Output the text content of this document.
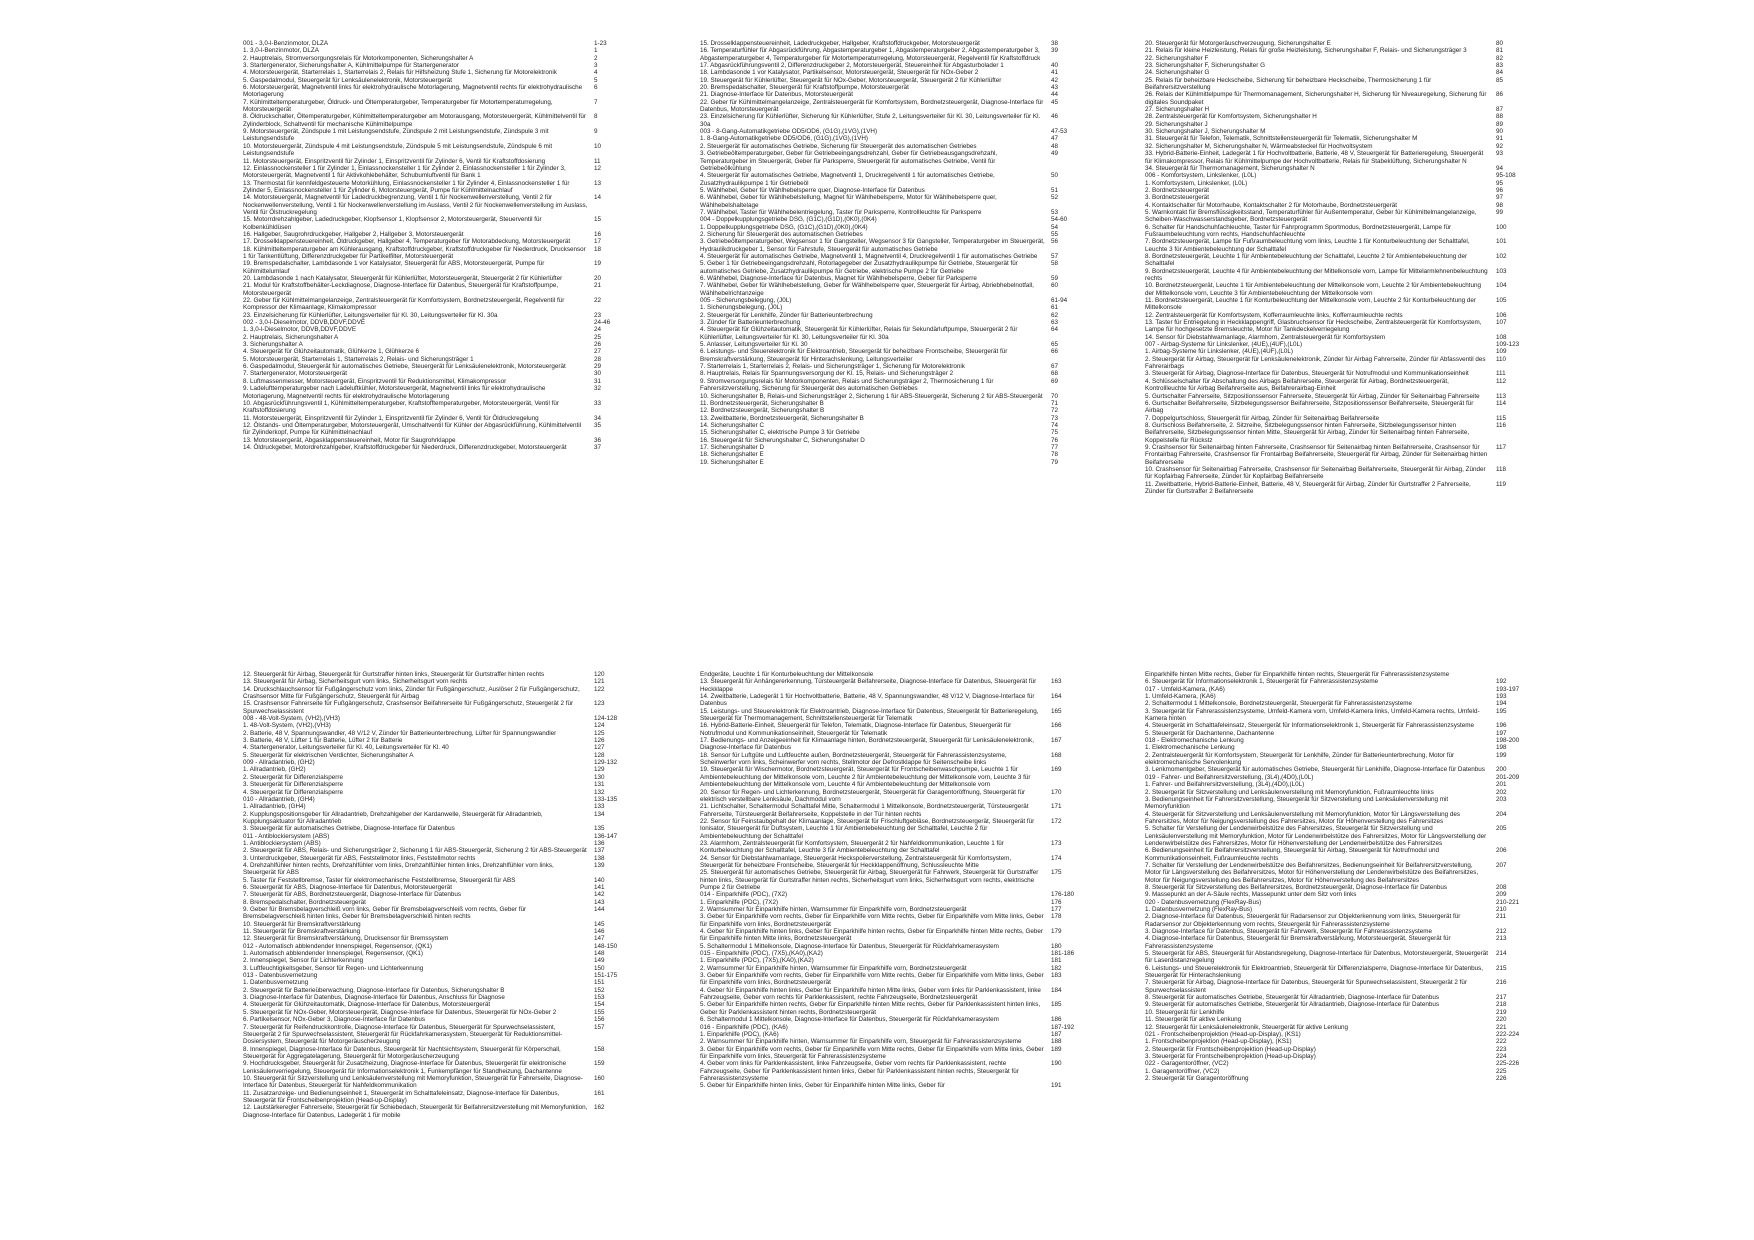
001 - 3,0-l-Benzinmotor, DLZA	1-23
1. 3,0-l-Benzinmotor, DLZA	1
2. Hauptrelais, Stromversorgungsrelais für Motorkomponenten, Sicherungshalter A	2
3. Startergenerator, Sicherungshalter A, Kühlmittelpumpe für Startergenerator	3
4. Motorsteuergerät, Starterrelais 1, Starterrelais 2, Relais für Hilfsheizung Stufe 1, Sicherung für Motorelektronik	4
5. Gaspedalmodul, Steuergerät für Lenksäulenelektronik, Motorsteuergerät	5
6. Motorsteuergerät, Magnetventil links für elektrohydraulische Motorlagerung, Magnetventil rechts für elektrohydraulische Motorlagerung
6
7. Kühlmitteltemperaturgeber, Öldruck- und Öltemperaturgeber, Temperaturgeber für Motortemperaturregelung, Motorsteuergerät
7
8. Öldruckschalter, Öltemperaturgeber, Kühlmitteltemperaturgeber am Motorausgang, Motorsteuergerät, Kühlmittelventil für Zylinderblock, Schaltventil für mechanische Kühlmittelpumpe
8
9. Motorsteuergerät, Zündspule 1 mit Leistungsendstufe, Zündspule 2 mit Leistungsendstufe, Zündspule 3 mit Leistungsendstufe
9
10. Motorsteuergerät, Zündspule 4 mit Leistungsendstufe, Zündspule 5 mit Leistungsendstufe, Zündspule 6 mit Leistungsendstufe
10
11. Motorsteuergerät, Einspritzventil für Zylinder 1, Einspritzventil für Zylinder 6, Ventil für Kraftstoffdosierung	11
12. Einlassnockensteller 1 für Zylinder 1, Einlassnockensteller 1 für Zylinder 2, Einlassnockensteller 1 für Zylinder 3, Motorsteuergerät, Magnetventil 1 für Aktivkohlebehälter, Schubumluftventil für Bank 1
12
13. Thermostat für kennfeldgesteuerte Motorkühlung, Einlassnockensteller 1 für Zylinder 4, Einlassnockensteller 1 für Zylinder 5, Einlassnockensteller 1 für Zylinder 6, Motorsteuergerät, Pumpe für Kühlmittelnachlauf
13
14. Motorsteuergerät, Magnetventil für Ladedruckbegrenzung, Ventil 1 für Nockenwellenverstellung, Ventil 2 für Nockenwellenverstellung, Ventil 1 für Nockenwellenverstellung im Auslass, Ventil 2 für Nockenwellenverstellung im Auslass, Ventil für Ölstruckregelung
14
15. Motorrdrehzahlgeber, Ladedruckgeber, Klopfsensor 1, Klopfsensor 2, Motorsteuergerät, Steuerventil für Kolbenkühldüsen
15
16. Hallgeber, Saugrohrdruckgeber, Hallgeber 2, Hallgeber 3, Motorsteuergerät	16
17. Drosselklappensteuereinheit, Öldruckgeber, Hallgeber 4, Temperaturgeber für Motorabdeckung, Motorsteuergerät	17
18. Kühlmitteltemperaturgeber am Kühlerausgang, Kraftstoffdruckgeber, Kraftstoffdruckgeber für Niederdruck, Drucksensor 1 für Tankentlüftung, Differenzdruckgeber für Partikelfilter, Motorsteuergerät
18
19. Bremspedalschalter, Lambdasonde 1 vor Katalysator, Steuergerät für ABS, Motorsteuergerät, Pumpe für Kühlmittelumlauf
19
20. Lambdasonde 1 nach Katalysator, Steuergerät für Kühlerlüfter, Motorsteuergerät, Steuergerät 2 für Kühlerlüfter	20
21. Modul für Kraftstoffbehälter-Leckdiagnose, Diagnose-Interface für Datenbus, Steuergerät für Kraftstoffpumpe, Motorsteuergerät
21
22. Geber für Kühlmittelmangelanzeige, Zentralsteuergerät für Komfortsystem, Bordnetzsteuergerät, Regelventil für Kompressor der Klimaanlage, Klimakompressor
22
23. Einzelsicherung für Kühlerlüfter, Leitungsverteiler für Kl. 30, Leitungsverteiler für Kl. 30a	23
002 - 3,0-l-Dieselmotor, DDVB,DDVF,DDVE	24-46
1. 3,0-l-Dieselmotor, DDVB,DDVF,DDVE	24
2. Hauptrelais, Sicherungshalter A	25
3. Sicherungshalter A	26
4. Steuergerät für Glühzeitautomatik, Glühkerze 1, Glühkerze 6	27
5. Motorsteuergerät, Starterrelais 1, Starterrelais 2, Relais- und Sicherungsträger 1	28
6. Gaspedalmodul, Steuergerät für automatisches Getriebe, Steuergerät für Lenksäulenelektronik, Motorsteuergerät	29
7. Startergenerator, Motorsteuergerät	30
8. Luftmassenmesser, Motorsteuergerät, Einspritzventil für Reduktionsmittel, Klimakompressor	31
9. Ladelufttemperaturgeber nach Ladeluftkühler, Motorsteuergerät, Magnetventil links für elektrohydraulische Motorlagerung, Magnetventil rechts für elektrohydraulische Motorlagerung
32
10. Abgasrückführungsventil 1, Kühlmitteltemperaturgeber, Kraftstofftemperaturgeber, Motorsteuergerät, Ventil für Kraftstoffdosierung
33
11. Motorsteuergerät, Einspritzventil für Zylinder 1, Einspritzventil für Zylinder 6, Ventil für Öldruckregelung	34
12. Ölstands- und Öltemperaturgeber, Motorsteuergerät, Umschaltventil für Kühler der Abgasrückführung, Kühlmittelventil für Zylinderkopf, Pumpe für Kühlmittelnachlauf
35
13. Motorsteuergerät, Abgasklappensteuereinheit, Motor für Saugrohrklappe	36
14. Öldruckgeber, Motordrehzahlgeber, Kraftstoffdruckgeber für Niederdruck, Differenzdruckgeber, Motorsteuergerät	37
15. Drosselklappensteuereinheit, Ladedruckgeber, Hallgeber, Kraftstoffdruckgeber, Motorsteuergerät	38
16. Temperaturfühler für Abgasrückführung, Abgastemperaturgeber 1, Abgastemperaturgeber 2, Abgastemperaturgeber 3, Abgastemperaturgeber 4, Temperaturgeber für Motortemperaturregelung, Motorsteuergerät, Regelventil für Kraftstoffdruck
39
17. Abgasrückführungsventil 2, Differenzdruckgeber 2, Motorsteuergerät, Steuereinheit für Abgasturbolader 1	40
18. Lambdasonde 1 vor Katalysator, Partikelsensor, Motorsteuergerät, Steuergerät für NOx-Geber 2	41
19. Steuergerät für Kühlerlüfter, Steuergerät für NOx-Geber, Motorsteuergerät, Steuergerät 2 für Kühlerlüfter	42
20. Bremspedalschalter, Steuergerät für Kraftstoffpumpe, Motorsteuergerät	43
21. Diagnose-Interface für Datenbus, Motorsteuergerät	44
22. Geber für Kühlmittelmangelanzeige, Zentralsteuergerät für Komfortsystem, Bordnetzsteuergerät, Diagnose-Interface für Datenbus, Motorsteuergerät
45
23. Einzelsicherung für Kühlerlüfter, Sicherung für Kühlerlüfter, Stufe 2, Leitungsverteiler für Kl. 30, Leitungsverteiler für Kl. 30a
46
003 - 8-Gang-Automatikgetriebe OD5/OD6, (G1G),(1VG),(1VH)	47-53
1. 8-Gang-Automatikgetriebe OD5/OD6, (G1G),(1VG),(1VH)	47
2. Steuergerät für automatisches Getriebe, Sicherung für Steuergerät des automatischen Getriebes	48
3. Getriebeöltemperaturgeber, Geber für Getriebeeingangsdrehzahl, Geber für Getriebeausgangsdrehzahl, Temperaturgeber im Steuergerät, Geber für Parksperre, Steuergerät für automatisches Getriebe, Ventil für Getriebeölkühlung
49
4. Steuergerät für automatisches Getriebe, Magnetventil 1, Druckregelventil 1 für automatisches Getriebe, Zusatzhydraulikpumpe 1 für Getriebeöl
50
5. Wählhebel, Geber für Wählhebelsperre quer, Diagnose-Interface für Datenbus	51
6. Wählhebel, Geber für Wählhebelstellung, Magnet für Wählhebelsperre, Motor für Wählhebelsperre quer, Wählhebelshaltelage
52
7. Wählhebel, Taster für Wählhebelentriegelung, Taster für Parksperre, Kontrollleuchte für Parksperre	53
004 - Doppelkupplungsgetriebe DSG, (G1C),(G1D),(0K0),(0K4)	54-60
1. Doppelkupplungsgetriebe DSG, (G1C),(G1D),(0K0),(0K4)	54
2. Sicherung für Steuergerät des automatischen Getriebes	55
3. Getriebeöltemperaturgeber, Wegsensor 1 für Gangsteller, Wegsensor 3 für Gangsteller, Temperaturgeber im Steuergerät, Hydraulikdruckgeber 1, Sensor für Fahrstufe, Steuergerät für automatisches Getriebe
56
4. Steuergerät für automatisches Getriebe, Magnetventil 1, Magnetventil 4, Druckregelventil 1 für automatisches Getriebe	57
5. Geber 1 für Getriebeeingangsdrehzahl, Rotorlagegeber der Zusatzhydraulikpumpe für Getriebe, Steuergerät für automatisches Getriebe, Zusatzhydraulikpumpe für Getriebe, elektrische Pumpe 2 für Getriebe
58
6. Wählhebel, Diagnose-Interface für Datenbus, Magnet für Wählhebelsperre, Geber für Parksperre	59
7. Wählhebel, Geber für Wählhebelstellung, Geber für Wählhebelsperre quer, Steuergerät für Airbag, Abriebhebelnotfall, Wählhebelrichtanzeige
60
005 - Sicherungsbelegung, (J0L)	61-94
1. Sicherungsbelegung, (J0L)	61
2. Steuergerät für Lenkhilfe, Zünder für Batterieunterbrechung	62
3. Zünder für Batterieunterbrechung	63
4. Steuergerät für Glühzeitautomatik, Steuergerät für Kühlerlüfter, Relais für Sekundärluftpumpe, Steuergerät 2 für Kühlerlüfter, Leitungsverteiler für Kl. 30, Leitungsverteiler für Kl. 30a
64
5. Anlasser, Leitungsverteiler für Kl. 30	65
6. Leistungs- und Steuerelektronik für Elektroantrieb, Steuergerät für beheizbare Frontscheibe, Steuergerät für Bremskraftverstärkung, Steuergerät für Hinterachslenkung, Leitungsverteiler
66
7. Starterrelais 1, Starterrelais 2, Relais- und Sicherungsträger 1, Sicherung für Motorelektronik	67
8. Hauptrelais, Relais für Spannungsversorgung der Kl. 15, Relais- und Sicherungsträger 2	68
9. Stromversorgungsrelais für Motorkomponenten, Relais und Sicherungsträger 2, Thermosicherung 1 für Fahrersitzverstellung, Sicherung für Steuergerät des automatischen Getriebes
69
10. Sicherungshalter B, Relais-und Sicherungsträger 2, Sicherung 1 für ABS-Steuergerät, Sicherung 2 für ABS-Steuergerät	70
11. Bordnetzsteuergerät, Sicherungshalter B	71
12. Bordnetzsteuergerät, Sicherungshalter B	72
13. Zweitbatterie, Bordnetzsteuergerät, Sicherungshalter B	73
14. Sicherungshalter C	74
15. Sicherungshalter C, elektrische Pumpe 3 für Getriebe	75
16. Steuergerät für Sicherungshalter C, Sicherungshalter D	76
17. Sicherungshalter D	77
18. Sicherungshalter E	78
19. Sicherungshalter E	79
20. Steuergerät für Motorgeräuschverzeugung, Sicherungshalter E	80
21. Relais für kleine Heizleistung, Relais für große Heizleistung, Sicherungshalter F, Relais- und Sicherungsträger 3	81
22. Sicherungshalter F	82
23. Sicherungshalter F, Sicherungshalter G	83
24. Sicherungshalter G	84
25. Relais für beheizbare Heckscheibe, Sicherung für beheizbare Heckscheibe, Thermosicherung 1 für Beifahrersitzverstellung
85
26. Relais der Kühlmittelpumpe für Thermomanagement, Sicherungshalter H, Sicherung für Niveauregelung, Sicherung für digitales Soundpaket
86
27. Sicherungshalter H	87
28. Zentralsteuergerät für Komfortsystem, Sicherungshalter H	88
29. Sicherungshalter J	89
30. Sicherungshalter J, Sicherungshalter M	90
31. Steuergerät für Telefon, Telematik, Schnittstellensteuergerät für Telematik, Sicherungshalter M	91
32. Sicherungshalter M, Sicherungshalter N, Wärmeabsteckel für Hochvoltsystem	92
33. Hybrid-Batterie-Einheit, Ladegerät 1 für Hochvoltbatterie, Batterie, 48 V, Steuergerät für Batterieregelung, Steuergerät für Klimakompressor, Relais für Kühlmittelpumpe der Hochvoltbatterie, Relais für Stabeklüftung, Sicherungshalter N
93
34. Steuergerät für Thermomanagement, Sicherungshalter N	94
006 - Komfortsystem, Linkslenker, (L0L)	95-108
1. Komfortsystem, Linkslenker, (L0L)	95
2. Bordnetzsteuergerät	96
3. Bordnetzsteuergerät	97
4. Kontaktschalter für Motorhaube, Kontaktschalter 2 für Motorhaube, Bordnetzsteuergerät	98
5. Warnkontakt für Bremsflüssigkeitsstand, Temperaturfühler für Außentemperatur, Geber für Kühlmittelmangelanzeige, Scheiben-Waschwasserstandsgeber, Bordnetzsteuergerät
99
6. Schalter für Handschuhfachleuchte, Taster für Fahrprogramm Sportmodus, Bordnetzsteuergerät, Lampe für Fußraumbeleuchtung vorn rechts, Handschuhfachleuchte
100
7. Bordnetzsteuergerät, Lampe für Fußraumbeleuchtung vorn links, Leuchte 1 für Konturbeleuchtung der Schalttafel, Leuchte 3 für Ambientebeleuchtung der Schalttafel
101
8. Bordnetzsteuergerät, Leuchte 1 für Ambientebeleuchtung der Schalttafel, Leuchte 2 für Ambientebeleuchtung der Schalttafel
102
9. Bordnetzsteuergerät, Leuchte 4 für Ambientebeleuchtung der Mittelkonsole vorn, Lampe für Mittelarmlehnenbeleuchtung rechts
103
10. Bordnetzsteuergerät, Leuchte 1 für Ambientebeleuchtung der Mittelkonsole vorn, Leuchte 2 für Ambientebeleuchtung der Mittelkonsole vorn, Leuchte 3 für Ambientebeleuchtung der Mittelkonsole vorn
104
11. Bordnetzsteuergerät, Leuchte 1 für Konturbeleuchtung der Mittelkonsole vorn, Leuchte 2 für Konturbeleuchtung der Mittelkonsole
105
12. Zentralsteuergerät für Komfortsystem, Kofferraumleuchte links, Kofferraumleuchte rechts	106
13. Taster für Entriegelung in Heckklappengriff, Glasbruchsensor für Heckscheibe, Zentralsteuergerät für Komfortsystem, Lampe für hochgesetzte Bremsleuchte, Motor für Tankdeckelverriegelung
107
14. Sensor für Diebstahlwarnanlage, Alarmhorn, Zentralsteuergerät für Komfortsystem	108
007 - Airbag-Systeme für Linkslenker, (4UE),(4UF),(L0L)	109-123
1. Airbag-Systeme für Linkslenker, (4UE),(4UF),(L0L)	109
2. Steuergerät für Airbag, Steuergerät für Lenksäulenelektronik, Zünder für Airbag Fahrerseite, Zünder für Abfassventil des Fahrerairbags
110
3. Steuergerät für Airbag, Diagnose-Interface für Datenbus, Steuergerät für Notrufmodul und Kommunikationseinheit	111
4. Schlüsselschalter für Abschaltung des Airbags Beifahrerseite, Steuergerät für Airbag, Bordnetzsteuergerät, Kontrollleuchte für Airbag Beifahrerseite aus, Beifahrerairbag-Einheit
112
5. Gurtschalter Fahrerseite, Sitzpositionssensor Fahrerseite, Steuergerät für Airbag, Zünder für Seitenairbag Fahrerseite	113
6. Gurtschalter Beifahrerseite, Sitzbelegungssensor Beifahrerseite, Sitzpositionssensor Beifahrerseite, Steuergerät für Airbag
114
7. Doppelgurtschloss, Steuergerät für Airbag, Zünder für Seitenairbag Beifahrerseite	115
8. Gurtschloss Beifahrerseite, 2. Sitzreihe, Sitzbelegungssensor hinten Fahrerseite, Sitzbelegungssensor hinten Beifahrerseite, Sitzbelegungssensor hinten Mitte, Steuergerät für Airbag, Zünder für Seitenairbag hinten Fahrerseite, Koppelstelle für Rückstz
116
9. Crashsensor für Seitenairbag hinten Fahrerseite, Crashsensor für Seitenairbag hinten Beifahrerseite, Crashsensor für Frontairbag Fahrerseite, Crashsensor für Frontairbag Beifahrerseite, Steuergerät für Airbag, Zünder für Seitenairbag hinten Beifahrerseite
117
10. Crashsensor für Seitenairbag Fahrerseite, Crashsensor für Seitenairbag Beifahrerseite, Steuergerät für Airbag, Zünder für Kopfairbag Fahrerseite, Zünder für Kopfairbag Beifahrerseite
118
11. Zweitbatterie, Hybrid-Batterie-Einheit, Batterie, 48 V, Steuergerät für Airbag, Zünder für Gurtstraffer 2 Fahrerseite, Zünder für Gurtstraffer 2 Beifahrerseite
119
12. Steuergerät für Airbag, Steuergerät für Gurtstraffer hinten links, Steuergerät für Gurtstraffer hinten rechts	120
13. Steuergerät für Airbag, Sicherheitsgurt vorn links, Sicherheitsgurt vorn rechts	121
14. Druckschlauchsensor für Fußgängerschutz vorn links, Zünder für Fußgängerschutz, Auslöser 2 für Fußgängerschutz, Crashsensor Mitte für Fußgängerschutz, Steuergerät für Airbag
122
15. Crashsensor Fahrerseite für Fußgängerschutz, Crashsensor Beifahrerseite für Fußgängerschutz, Steuergerät 2 für Spurwechselassistent
123
008 - 48-Volt-System, (VH2),(VH3)	124-128
1. 48-Volt-System, (VH2),(VH3)	124
2. Batterie, 48 V, Spannungswandler, 48 V/12 V, Zünder für Batterieunterbrechung, Lüfter für Spannungswandler	125
3. Batterie, 48 V, Lüfter 1 für Batterie, Lüfter 2 für Batterie	126
4. Startergenerator, Leitungsverteiler für Kl. 40, Leitungsverteiler für Kl. 40	127
5. Steuergerät für elektrischen Verdichter, Sicherungshalter A	128
009 - Allradantrieb, (GH2)	129-132
1. Allradantrieb, (GH2)	129
2. Steuergerät für Differenzialsperre	130
3. Steuergerät für Differenzialsperre	131
4. Steuergerät für Differenzialsperre	132
010 - Allradantrieb, (GH4)	133-135
1. Allradantrieb, (GH4)	133
2. Kupplungspositionsgeber für Allradantrieb, Drehzahlgeber der Kardanwelle, Steuergerät für Allradantrieb, Kupplungsaktuator für Allradantrieb
134
3. Steuergerät für automatisches Getriebe, Diagnose-Interface für Datenbus	135
011 - Antiblockiersystem (ABS)	136-147
1. Antiblockiersystem (ABS)	136
2. Steuergerät für ABS, Relais- und Sicherungsträger 2, Sicherung 1 für ABS-Steuergerät, Sicherung 2 für ABS-Steuergerät	137
3. Unterdruckgeber, Steuergerät für ABS, Feststellmotor links, Feststellmotor rechts	138
4. Drehzahlfühler hinten rechts, Drehzahlfühler vorn links, Drehzahlfühler hinten links, Drehzahlfühler vorn links, Steuergerät für ABS
139
5. Taster für Feststellbremse, Taster für elektromechanische Feststellbremse, Steuergerät für ABS	140
6. Steuergerät für ABS, Diagnose-Interface für Datenbus, Motorsteuergerät	141
7. Steuergerät für ABS, Bordnetzsteuergerät, Diagnose-Interface für Datenbus	142
8. Bremspedalschalter, Bordnetzsteuergerät	143
9. Geber für Bremsbelagverschleiß vorn links, Geber für Bremsbelagverschleiß vorn rechts, Geber für Bremsbelagverschleiß hinten links, Geber für Bremsbelagverschleiß hinten rechts
144
10. Steuergerät für Bremskraftverstärkung	145
11. Steuergerät für Bremskraftverstärkung	146
12. Steuergerät für Bremskraftverstärkung, Drucksensor für Bremssystem	147
012 - Automatisch abblendender Innenspiegel, Regensensor, (QK1)	148-150
1. Automatisch abblendender Innenspiegel, Regensensor, (QK1)	148
2. Innenspiegel, Sensor für Lichterkennung	149
3. Luftfeuchtigkeitsgeber, Sensor für Regen- und Lichterkennung	150
013 - Datenbusvernetzung	151-175
1. Datenbusvernetzung	151
2. Steuergerät für Batterieüberwachung, Diagnose-Interface für Datenbus, Sicherungshalter B	152
3. Diagnose-Interface für Datenbus, Diagnose-Interface für Datenbus, Anschluss für Diagnose	153
4. Steuergerät für Glühzeitautomatik, Diagnose-Interface für Datenbus, Motorsteuergerät	154
5. Steuergerät für NOx-Geber, Motorsteuergerät, Diagnose-Interface für Datenbus, Steuergerät für NOx-Geber 2	155
6. Partikelsensor, NOx-Geber 3, Diagnose-Interface für Datenbus	156
7. Steuergerät für Reifendruckkontrolle, Diagnose-Interface für Datenbus, Steuergerät für Spurwechselassistent, Steuergerät 2 für Spurwechselassistent, Steuergerät für Rückfahrkamerasystem, Steuergerät für Reduktionsmittel-Dosiersystem, Steuergerät für Motorgeräuscherzeugung
157
8. Innenspiegel, Diagnose-Interface für Datenbus, Steuergerät für Nachtsichtsystem, Steuergerät für Körperschall, Steuergerät für Aggregatelagerung, Steuergerät für Motorgeräuscherzeugung
158
9. Hochdrucksgeber, Steuergerät für Zusatzheizung, Diagnose-Interface für Datenbus, Steuergerät für elektronische Lenksäulenverriegelung, Steuergerät für Informationselektronik 1, Funkempfänger für Standheizung, Dachantenne
159
10. Steuergerät für Sitzverstellung und Lenksäulenverstellung mit Memoryfunktion, Steuergerät für Fahrerseite, Diagnose-Interface für Datenbus, Steuergerät für Nahfeldkommunikation
160
11. Zusatzanzeige- und Bedienungseinheit 1, Steuergerät im Schalttafeleinsatz, Diagnose-Interface für Datenbus, Steuergerät für Frontscheibenprojektion (Head-up-Display)
161
12. Lautstärkeregler Fahrerseite, Steuergerät für Schiebedach, Steuergerät für Beifahrersitzverstellung mit Memoryfunktion, Diagnose-Interface für Datenbus, Ladegerät 1 für mobile
162
Endgeräte, Leuchte 1 für Konturbeleuchtung der Mittelkonsole
13. Steuergerät für Anhängererkennung, Türsteuergerät Beifahrerseite, Diagnose-Interface für Datenbus, Steuergerät für Heckklappe
163
14. Zweitbatterie, Ladegerät 1 für Hochvoltbatterie, Batterie, 48 V, Spannungswandler, 48 V/12 V, Diagnose-Interface für Datenbus
164
15. Leistungs- und Steuerelektronik für Elektroantrieb, Diagnose-Interface für Datenbus, Steuergerät für Batterieregelung, Steuergerät für Thermomanagement, Schnittstellensteuergerät für Telematik
165
16. Hybrid-Batterie-Einheit, Steuergerät für Telefon, Telematik, Diagnose-Interface für Datenbus, Steuergerät für Notrufmodul und Kommunikationseinheit, Steuergerät für Telematik
166
17. Bedienungs- und Anzeigeeinheit für Klimaanlage hinten, Bordnetzsteuergerät, Steuergerät für Lenksäulenelektronik, Diagnose-Interface für Datenbus
167
18. Sensor für Luftgüte und Luftfeuchte außen, Bordnetzsteuergerät, Steuergerät für Fahrerassistenzsysteme, Scheinwerfer vorn links, Scheinwerfer vorn rechts, Stellmotor der Defrostklappe für Seitenscheibe links
168
19. Steuergerät für Wischermotor, Bordnetzsteuergerät, Steuergerät für Frontscheibenwaschpumpe, Leuchte 1 für Ambientebeleuchtung der Mittelkonsole vorn, Leuchte 2 für Ambientebeleuchtung der Mittelkonsole vorn, Leuchte 3 für Ambientebeleuchtung der Mittelkonsole vorn, Leuchte 4 für Ambientebeleuchtung der Mittelkonsole vorn
169
20. Sensor für Regen- und Lichterkennung, Bordnetzsteuergerät, Steuergerät für Garagentoröffnung, Steuergerät für elektrisch verstellbare Lenksäule, Dachmodul vorn
170
21. Lichtschalter, Schaltermodul Schalttafel Mitte, Schaltermodul 1 Mittelkonsole, Bordnetzsteuergerät, Türsteuergerät Fahrerseite, Türsteuergerät Beifahrerseite, Koppelstelle in der Tür hinten rechts
171
22. Sensor für Feinstaubgehalt der Klimaanlage, Steuergerät für Frischluftgebläse, Bordnetzsteuergerät, Steuergerät für Ionisator, Steuergerät für Duftsystem, Leuchte 1 für Ambientebeleuchtung der Schalttafel, Leuchte 2 für Ambientebeleuchtung der Schalttafel
172
23. Alarmhorn, Zentralsteuergerät für Komfortsystem, Steuergerät 2 für Nahfeldkommunikation, Leuchte 1 für Konturbeleuchtung der Schalttafel, Leuchte 3 für Ambientebeleuchtung der Schalttafel
173
24. Sensor für Diebstahlwarnanlage, Steuergerät Heckspoilerverstellung, Zentralsteuergerät für Komfortsystem, Steuergerät für beheizbare Frontscheibe, Steuergerät für Heckklappenöffnung, Schlussleuchte Mitte
174
25. Steuergerät für automatisches Getriebe, Steuergerät für Airbag, Steuergerät für Fahrwerk, Steuergerät für Gurtstraffer hinten links, Steuergerät für Gurtstraffer hinten rechts, Sicherheitsgurt vorn links, Sicherheitsgurt vorn rechts, elektrische Pumpe 2 für Getriebe
175
014 - Einparkhilfe (PDC), (7X2)	176-180
1. Einparkhilfe (PDC), (7X2)	176
2. Warnsummer für Einparkhilfe hinten, Warnsummer für Einparkhilfe vorn, Bordnetzsteuergerät	177
3. Geber für Einparkhilfe vorn rechts, Geber für Einparkhilfe vorn Mitte rechts, Geber für Einparkhilfe vorn Mitte links, Geber für Einparkhilfe vorn links, Bordnetzsteuergerät
178
4. Geber für Einparkhilfe hinten links, Geber für Einparkhilfe hinten rechts, Geber für Einparkhilfe hinten Mitte rechts, Geber für Einparkhilfe hinten Mitte links, Bordnetzsteuergerät
179
5. Schaltermodul 1 Mittelkonsole, Diagnose-Interface für Datenbus, Steuergerät für Rückfahrkamerasystem	180
015 - Einparkhilfe (PDC), (7X5),(KA0),(KA2)	181-186
1. Einparkhilfe (PDC), (7X5),(KA0),(KA2)	181
2. Warnsummer für Einparkhilfe hinten, Warnsummer für Einparkhilfe vorn, Bordnetzsteuergerät	182
3. Geber für Einparkhilfe vorn rechts, Geber für Einparkhilfe vorn Mitte rechts, Geber für Einparkhilfe vorn Mitte links, Geber für Einparkhilfe vorn links, Bordnetzsteuergerät
183
4. Geber für Einparkhilfe hinten links, Geber für Einparkhilfe hinten Mitte links, Geber vorn links für Parklenkassistent, linke Fahrzeugseite, Geber vorn rechts für Parklenkassistent, rechte Fahrzeugseite, Bordnetzsteuergerät
184
5. Geber für Einparkhilfe hinten rechts, Geber für Einparkhilfe hinten Mitte rechts, Geber für Parklenkassistent hinten links, Geber für Parklenkassistent hinten rechts, Bordnetzsteuergerät
185
6. Schaltermodul 1 Mittelkonsole, Diagnose-Interface für Datenbus, Steuergerät für Rückfahrkamerasystem	186
016 - Einparkhilfe (PDC), (KA6)	187-192
1. Einparkhilfe (PDC), (KA6)	187
2. Warnsummer für Einparkhilfe hinten, Warnsummer für Einparkhilfe vorn, Steuergerät für Fahrerassistenzsysteme	188
3. Geber für Einparkhilfe vorn rechts, Geber für Einparkhilfe vorn Mitte rechts, Geber für Einparkhilfe vorn Mitte links, Geber für Einparkhilfe vorn links, Steuergerät für Fahrerassistenzsysteme
189
4. Geber vorn links für Parklenkassistent, linke Fahrzeugseite, Geber vorn rechts für Parklenkassistent, rechte Fahrzeugseite, Geber für Parklenkassistent hinten links, Geber für Parklenkassistent hinten rechts, Steuergerät für Fahrerassistenzsysteme
190
5. Geber für Einparkhilfe hinten links, Geber für Einparkhilfe hinten Mitte links, Geber für	191
Einparkhilfe hinten Mitte rechts, Geber für Einparkhilfe hinten rechts, Steuergerät für Fahrerassistenzsysteme
6. Steuergerät für Informationselektronik 1, Steuergerät für Fahrerassistenzsysteme	192
017 - Umfeld-Kamera, (KA6)	193-197
1. Umfeld-Kamera, (KA6)	193
2. Schaltermodul 1 Mittelkonsole, Bordnetzsteuergerät, Steuergerät für Fahrerassistenzsysteme	194
3. Steuergerät für Fahrerassistenzsysteme, Umfeld-Kamera vorn, Umfeld-Kamera links, Umfeld-Kamera rechts, Umfeld-Kamera hinten
195
4. Steuergerät im Schalttafeleinsatz, Steuergerät für Informationselektronik 1, Steuergerät für Fahrerassistenzsysteme	196
5. Steuergerät für Dachantenne, Dachantenne	197
018 - Elektromechanische Lenkung	198-200
1. Elektromechanische Lenkung	198
2. Zentralsteuergerät für Komfortsystem, Steuergerät für Lenkhilfe, Zünder für Batterieunterbrechung, Motor für elektromechanische Servolenkung
199
3. Lenkmomentgeber, Steuergerät für automatisches Getriebe, Steuergerät für Lenkhilfe, Diagnose-Interface für Datenbus	200
019 - Fahrer- und Beifahrersitzverstellung, (3L4),(4D0),(L0L)	201-209
1. Fahrer- und Beifahrersitzverstellung, (3L4),(4D0),(L0L)	201
2. Steuergerät für Sitzverstellung und Lenksäulenverstellung mit Memoryfunktion, Fußraumleuchte links	202
3. Bedienungseinheit für Fahrersitzverstellung, Steuergerät für Sitzverstellung und Lenksäulenverstellung mit Memoryfunktion
203
4. Steuergerät für Sitzverstellung und Lenksäulenverstellung mit Memoryfunktion, Motor für Längsverstellung des Fahrersitzes, Motor für Neigungsverstellung des Fahrersitzes, Motor für Höhenverstellung des Fahrersitzes
204
5. Schalter für Verstellung der Lendenwirbelstütze des Fahrersitzes, Steuergerät für Sitzverstellung und Lenksäulenverstellung mit Memoryfunktion, Motor für Lendenwirbelstütze des Fahrersitzes, Motor für Längsverstellung der Lendenwirbelstütze des Fahrersitzes, Motor für Höhenverstellung der Lendenwirbelstütze des Fahrersitzes
205
6. Bedienungseinheit für Beifahrersitzverstellung, Steuergerät für Airbag, Steuergerät für Notrufmodul und Kommunikationseinheit, Fußraumleuchte rechts
206
7. Schalter für Verstellung der Lendenwirbelstütze des Beifahrersitzes, Bedienungseinheit für Beifahrersitzverstellung, Motor für Längsverstellung des Beifahrersitzes, Motor für Höhenverstellung der Lendenwirbelstütze des Beifahrersitzes, Motor für Neigungsverstellung des Beifahrersitzes, Motor für Höhenverstellung des Beifahrersitzes
207
8. Steuergerät für Sitzverstellung des Beifahrersitzes, Bordnetzsteuergerät, Diagnose-Interface für Datenbus	208
9. Massepunkt an der A-Säule rechts, Massepunkt unter dem Sitz vorn links	209
020 - Datenbusvernetzung (FlexRay-Bus)	210-221
1. Datenbusvernetzung (FlexRay-Bus)	210
2. Diagnose-Interface für Datenbus, Steuergerät für Radarsensor zur Objekterkennung vorn links, Steuergerät für Radarsensor zur Objekterkennung vorn rechts, Steuergerät für Fahrerassistenzsysteme
211
3. Diagnose-Interface für Datenbus, Steuergerät für Fahrwerk, Steuergerät für Fahrerassistenzsysteme	212
4. Diagnose-Interface für Datenbus, Steuergerät für Bremskraftverstärkung, Motorsteuergerät, Steuergerät für Fahrerassistenzsysteme
213
5. Steuergerät für ABS, Steuergerät für Abstandsregelung, Diagnose-Interface für Datenbus, Motorsteuergerät, Steuergerät für Laserdistanzregelung
214
6. Leistungs- und Steuerelektronik für Elektroantrieb, Steuergerät für Differenzialsperre, Diagnose-Interface für Datenbus, Steuergerät für Hinterachslenkung
215
7. Steuergerät für Airbag, Diagnose-Interface für Datenbus, Steuergerät für Spurwechselassistent, Steuergerät 2 für Spurwechselassistent
216
8. Steuergerät für automatisches Getriebe, Steuergerät für Allradantrieb, Diagnose-Interface für Datenbus	217
9. Steuergerät für automatisches Getriebe, Steuergerät für Allradantrieb, Diagnose-Interface für Datenbus	218
10. Steuergerät für Lenkhilfe	219
11. Steuergerät für aktive Lenkung	220
12. Steuergerät für Lenksäulenelektronik, Steuergerät für aktive Lenkung	221
021 - Frontscheibenprojektion (Head-up-Display), (KS1)	222-224
1. Frontscheibenprojektion (Head-up-Display), (KS1)	222
2. Steuergerät für Frontscheibenprojektion (Head-up-Display)	223
3. Steuergerät für Frontscheibenprojektion (Head-up-Display)	224
022 - Garagentoröffner, (VC2)	225-226
1. Garagentoröffner, (VC2)	225
2. Steuergerät für Garagentoröffnung	226
